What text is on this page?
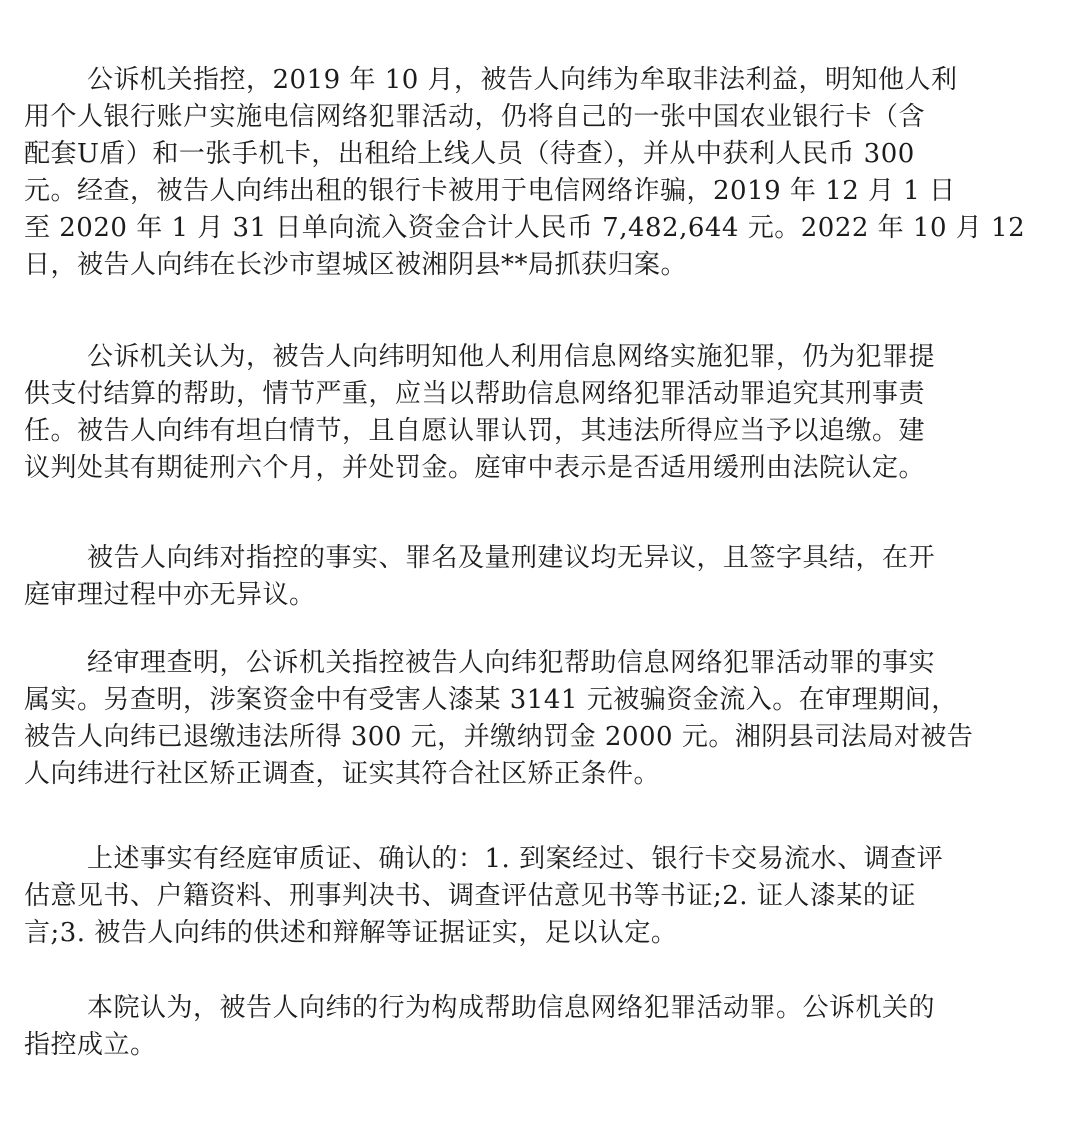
公诉机关指控，2019 年 10 月，被告人向纬为牟取非法利益，明知他人利
用个人银行账户实施电信网络犯罪活动，仍将自己的一张中国农业银行卡（含
配套U盾）和一张手机卡，出租给上线人员（待查），并从中获利人民币 300
元。经查，被告人向纬出租的银行卡被用于电信网络诈骗，2019 年 12 月 1 日
至 2020 年 1 月 31 日单向流入资金合计人民币 7,482,644 元。2022 年 10 月 12
日，被告人向纬在长沙市望城区被湘阴县**局抓获归案。
公诉机关认为，被告人向纬明知他人利用信息网络实施犯罪，仍为犯罪提
供支付结算的帮助，情节严重，应当以帮助信息网络犯罪活动罪追究其刑事责
任。被告人向纬有坦白情节，且自愿认罪认罚，其违法所得应当予以追缴。建
议判处其有期徒刑六个月，并处罚金。庭审中表示是否适用缓刑由法院认定。
被告人向纬对指控的事实、罪名及量刑建议均无异议，且签字具结，在开
庭审理过程中亦无异议。
经审理查明，公诉机关指控被告人向纬犯帮助信息网络犯罪活动罪的事实
属实。另查明，涉案资金中有受害人漆某 3141 元被骗资金流入。在审理期间，
被告人向纬已退缴违法所得 300 元，并缴纳罚金 2000 元。湘阴县司法局对被告
人向纬进行社区矫正调查，证实其符合社区矫正条件。
上述事实有经庭审质证、确认的：1. 到案经过、银行卡交易流水、调查评
估意见书、户籍资料、刑事判决书、调查评估意见书等书证;2. 证人漆某的证
言;3. 被告人向纬的供述和辩解等证据证实，足以认定。
本院认为，被告人向纬的行为构成帮助信息网络犯罪活动罪。公诉机关的
指控成立。
